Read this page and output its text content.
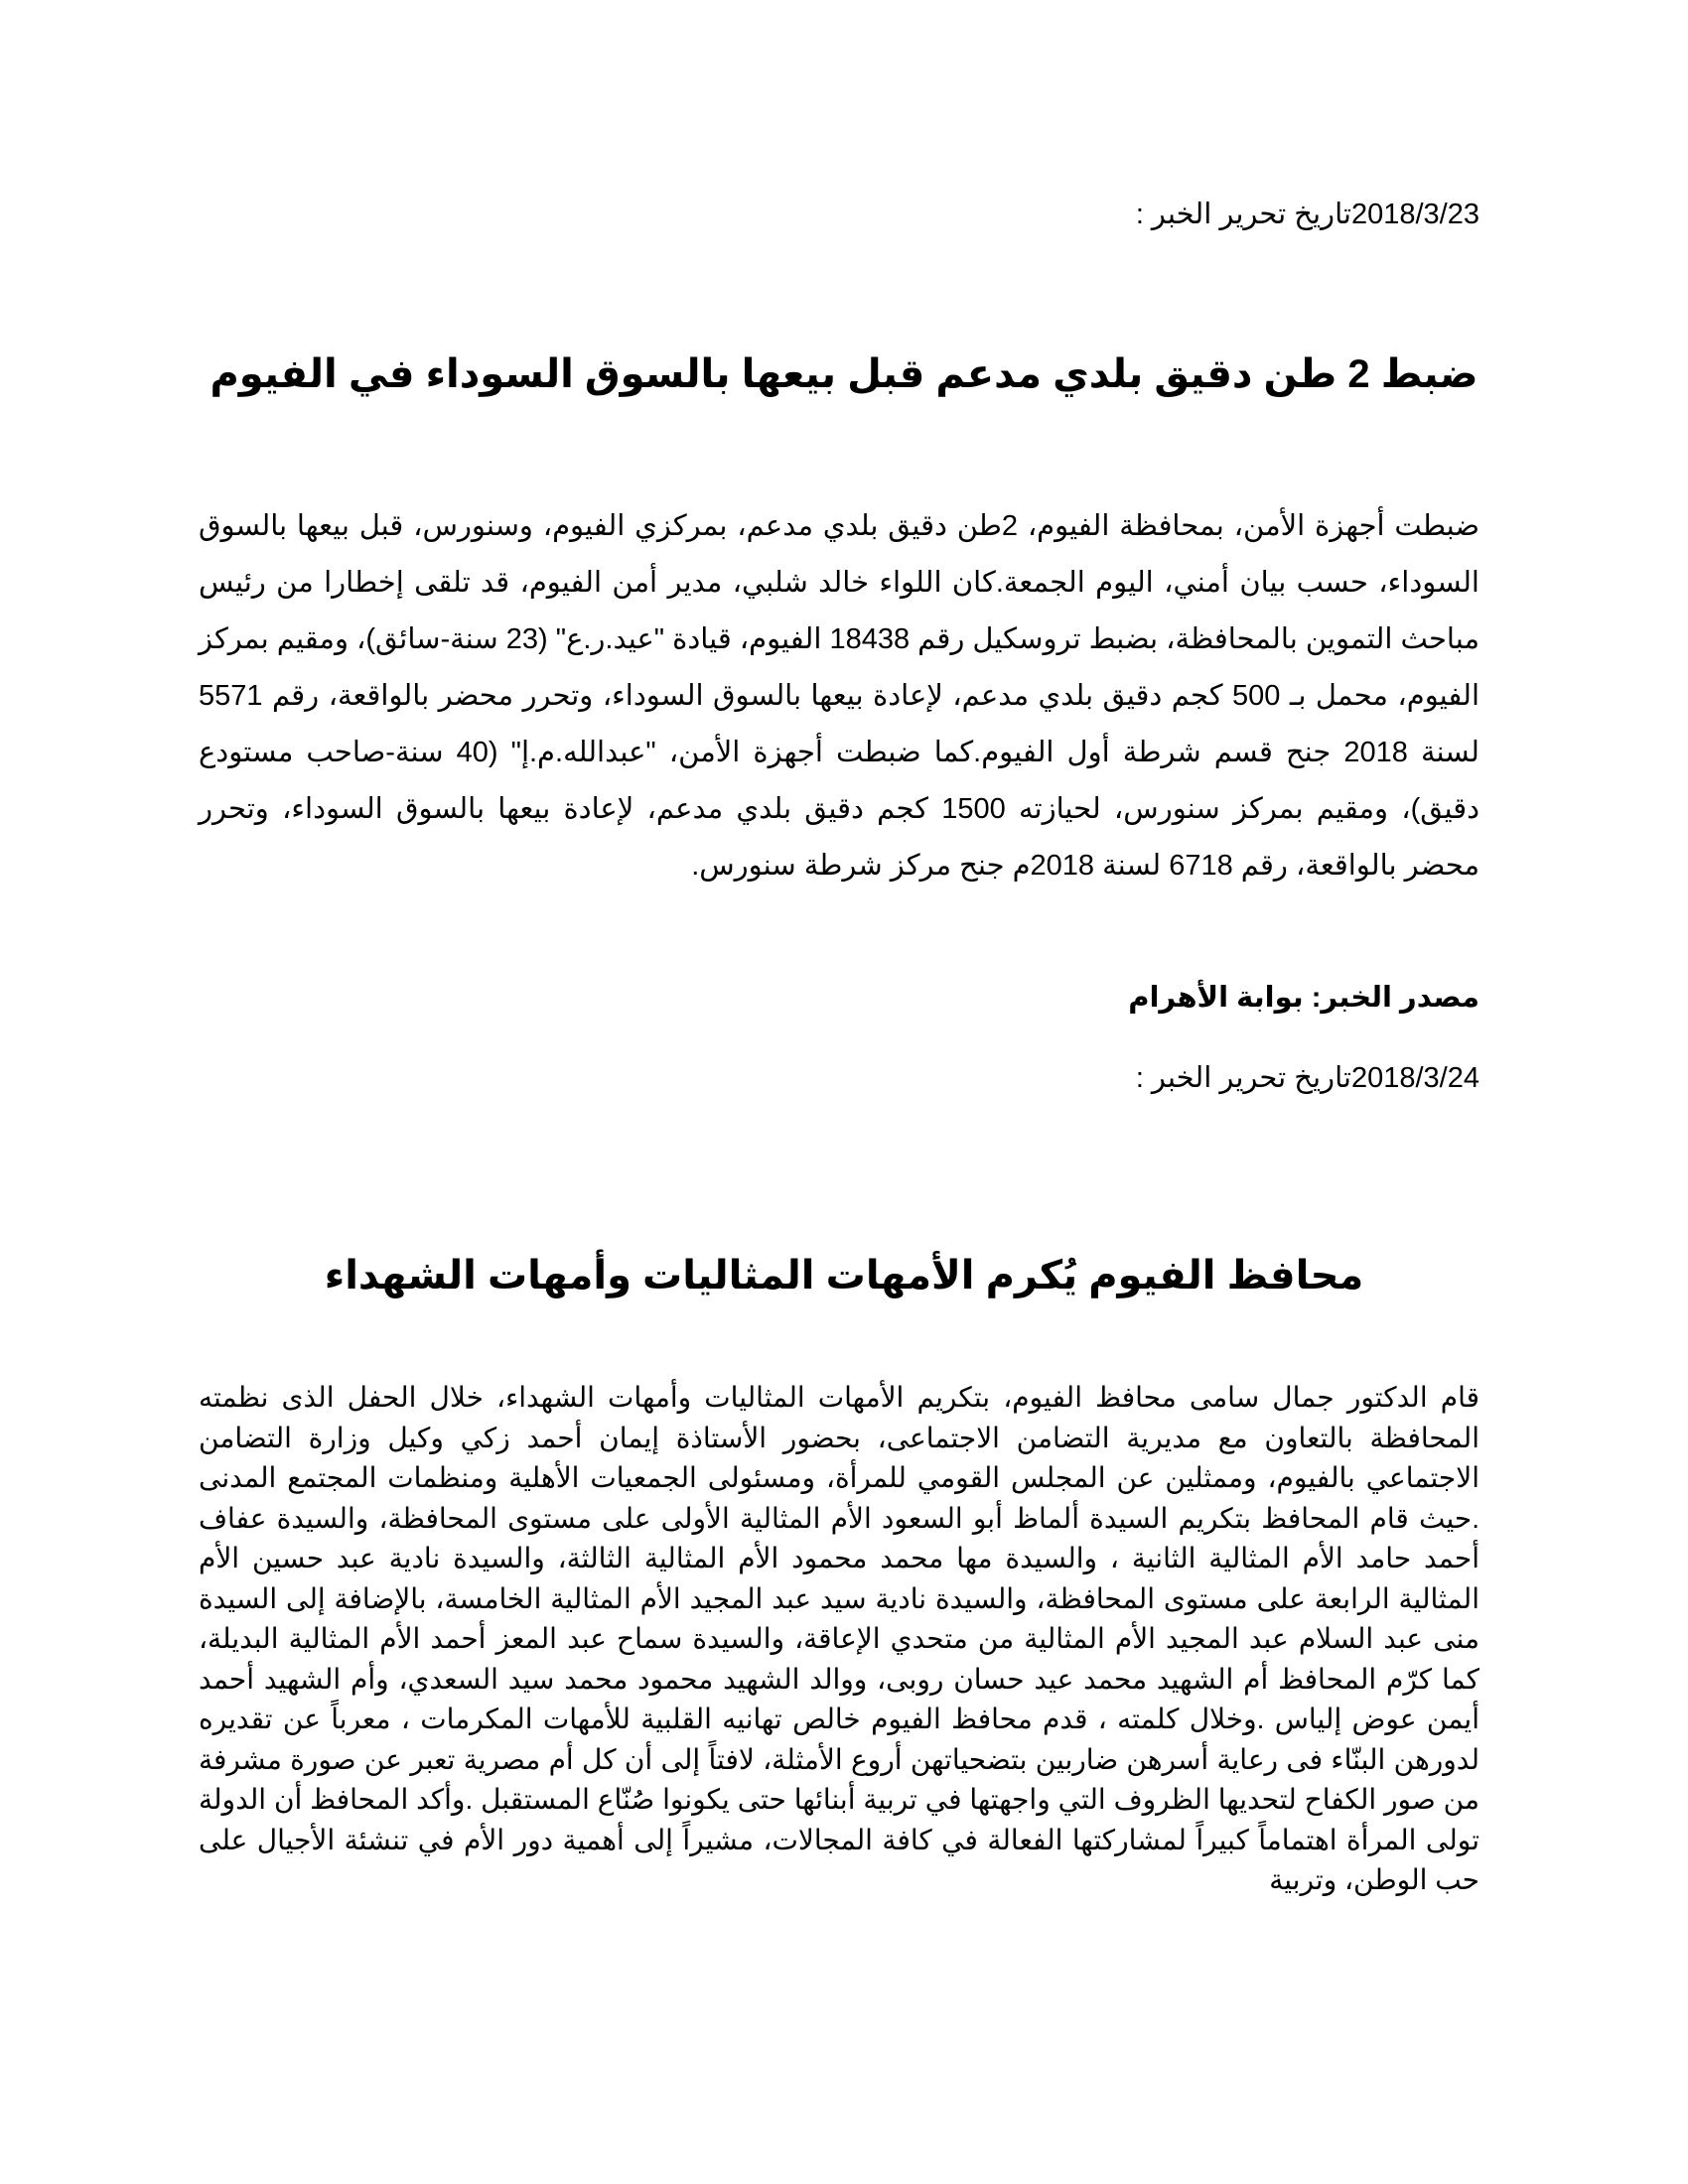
تاريخ تحرير الخبر :2018/3/23
ضبط 2 طن دقيق بلدي مدعم قبل بيعها بالسوق السوداء في الفيوم

ضبطت أجهزة الأمن، بمحافظة الفيوم، 2طن دقيق بلدي مدعم، بمركزي الفيوم، وسنورس، قبل بيعها بالسوق السوداء، حسب بيان أمني، اليوم الجمعة.كان اللواء خالد شلبي، مدير أمن الفيوم، قد تلقى إخطارا من رئيس مباحث التموين بالمحافظة، بضبط تروسكيل رقم 18438 الفيوم، قيادة "عيد.ر.ع" (23 سنة-سائق)، ومقيم بمركز الفيوم، محمل بـ 500 كجم دقيق بلدي مدعم، لإعادة بيعها بالسوق السوداء، وتحرر محضر بالواقعة، رقم 5571 لسنة 2018 جنح قسم شرطة أول الفيوم.كما ضبطت أجهزة الأمن، "عبدالله.م.إ" (40 سنة-صاحب مستودع دقيق)، ومقيم بمركز سنورس، لحيازته 1500 كجم دقيق بلدي مدعم، لإعادة بيعها بالسوق السوداء، وتحرر محضر بالواقعة، رقم 6718 لسنة 2018م جنح مركز شرطة سنورس.

مصدر الخبر: بوابة الأهرام
تاريخ تحرير الخبر :2018/3/24
محافظ الفيوم يُكرم الأمهات المثاليات وأمهات الشهداء

قام الدكتور جمال سامى محافظ الفيوم، بتكريم الأمهات المثاليات وأمهات الشهداء، خلال الحفل الذى نظمته المحافظة بالتعاون مع مديرية التضامن الاجتماعى، بحضور الأستاذة إيمان أحمد زكي وكيل وزارة التضامن الاجتماعي بالفيوم، وممثلين عن المجلس القومي للمرأة، ومسئولى الجمعيات الأهلية ومنظمات المجتمع المدنى .حيث قام المحافظ بتكريم السيدة ألماظ أبو السعود الأم المثالية الأولى على مستوى المحافظة، والسيدة عفاف أحمد حامد الأم المثالية الثانية ، والسيدة مها محمد محمود الأم المثالية الثالثة، والسيدة نادية عبد حسين الأم المثالية الرابعة على مستوى المحافظة، والسيدة نادية سيد عبد المجيد الأم المثالية الخامسة، بالإضافة إلى السيدة منى عبد السلام عبد المجيد الأم المثالية من متحدي الإعاقة، والسيدة سماح عبد المعز أحمد الأم المثالية البديلة، كما كرّم المحافظ أم الشهيد محمد عيد حسان روبى، ووالد الشهيد محمود محمد سيد السعدي، وأم الشهيد أحمد أيمن عوض إلياس .وخلال كلمته ، قدم محافظ الفيوم خالص تهانيه القلبية للأمهات المكرمات ، معرباً عن تقديره لدورهن البنّاء فى رعاية أسرهن ضاربين بتضحياتهن أروع الأمثلة، لافتاً إلى أن كل أم مصرية تعبر عن صورة مشرفة من صور الكفاح لتحديها الظروف التي واجهتها في تربية أبنائها حتى يكونوا صُنّاع المستقبل .وأكد المحافظ أن الدولة تولى المرأة اهتماماً كبيراً لمشاركتها الفعالة في كافة المجالات، مشيراً إلى أهمية دور الأم في تنشئة الأجيال على حب الوطن، وتربية
